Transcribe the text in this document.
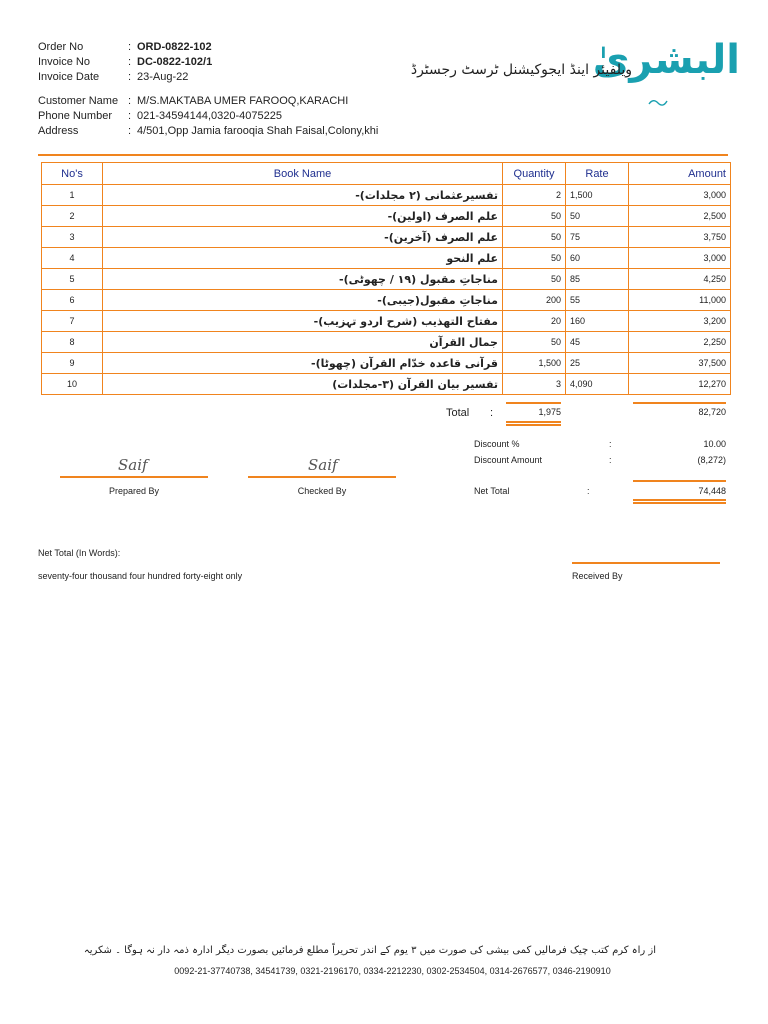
Order No	: ORD-0822-102
Invoice No	: DC-0822-102/1
Invoice Date	: 23-Aug-22
Customer Name : M/S.MAKTABA UMER FAROOQ,KARACHI
Phone Number : 021-34594144,0320-4075225
Address	: 4/501,Opp Jamia farooqia Shah Faisal,Colony,khi
البشریٰ
ویلفیئر اینڈ ایجوکیشنل ٹرسٹ رجسٹرڈ
No's	Book Name	Quantity	Rate	Amount
1	تفسیرعثمانی (۲ مجلدات)-	2	1,500	3,000
2	علم الصرف (اولین)-	50	50	2,500
3	علم الصرف (آخرین)-	50	75	3,750
4	علم النحو	50	60	3,000
5	مناجاتِ مقبول (۱۹ / چھوٹی)-	50	85	4,250
6	مناجاتِ مقبول(جیبی)-	200	55	11,000
7	مفتاح التهذیب (شرح اردو تہزیب)-	20	160	3,200
8	جمال القرآن	50	45	2,250
9	قرآنی قاعدہ خدّام القرآن (چھوٹا)-	1,500	25	37,500
10	تفسیر بیان القرآن (۳-مجلدات)	3	4,090	12,270
Total :	1,975	82,720
Discount %	:	10.00
Discount Amount	:	(8,272)
Net Total	:	74,448
Saif
Prepared By
Saif
Checked By
Net Total (In Words):
seventy-four thousand four hundred forty-eight only	Received By
از راہ کرم کتب چیک فرمالیں کمی بیشی کی صورت میں ۳ یوم کے اندر تحریراً مطلع فرمائیں بصورت دیگر ادارہ ذمہ دار نہ ہوگا ۔ شکریہ
0092-21-37740738, 34541739, 0321-2196170, 0334-2212230, 0302-2534504, 0314-2676577, 0346-2190910
